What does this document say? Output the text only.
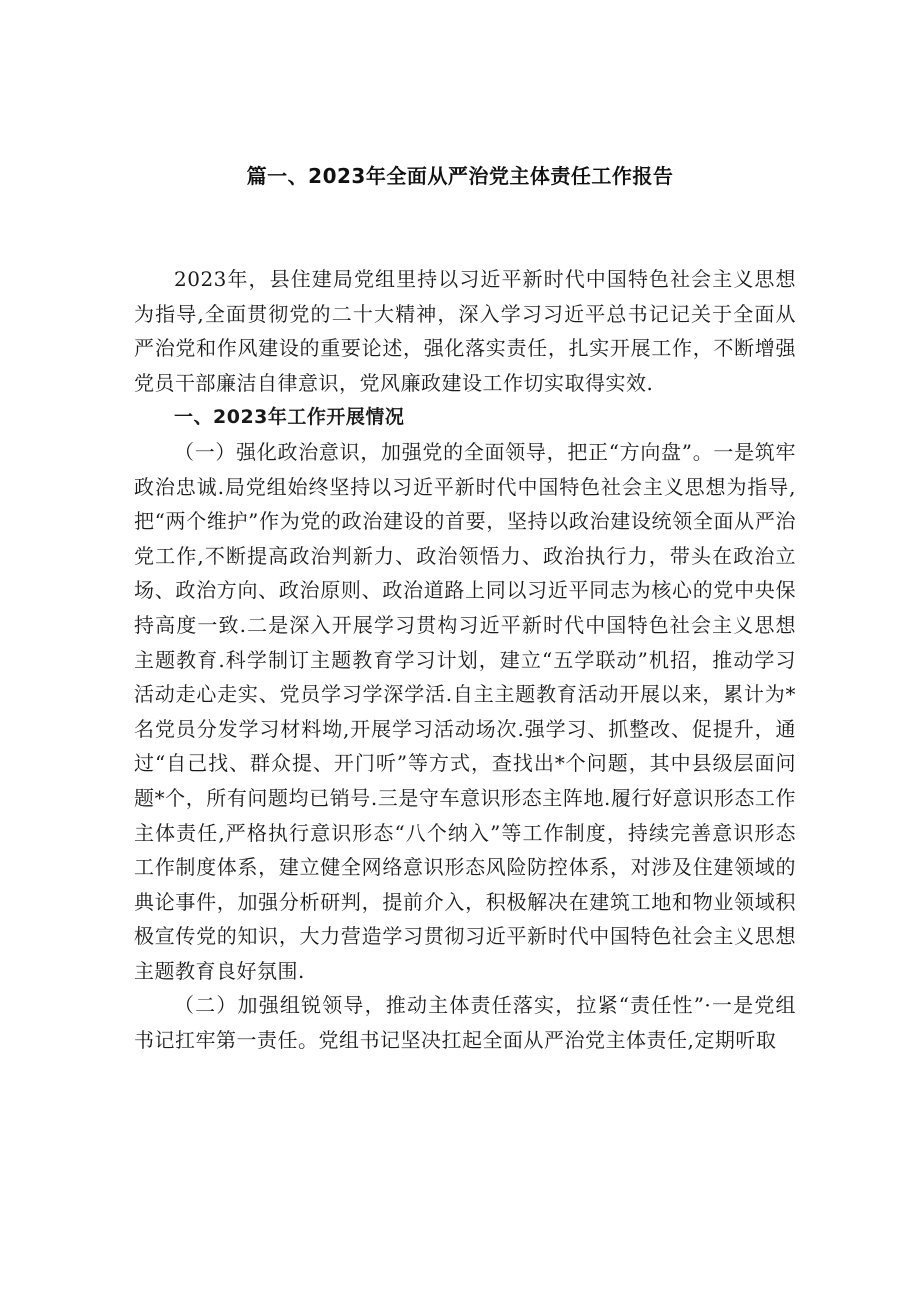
篇一、2023年全面从严治党主体责任工作报告

2023年，县住建局党组里持以习近平新时代中国特色社会主义思想为指导,全面贯彻党的二十大精神，深入学习习近平总书记记关于全面从严治党和作风建设的重要论述，强化落实责任，扎实开展工作，不断增强党员干部廉洁自律意识，党风廉政建设工作切实取得实效.

一、2023年工作开展情况

（一）强化政治意识，加强党的全面领导，把正“方向盘”。一是筑牢政治忠诚.局党组始终坚持以习近平新时代中国特色社会主义思想为指导,把“两个维护”作为党的政治建设的首要，坚持以政治建设统领全面从严治党工作,不断提高政治判新力、政治领悟力、政治执行力，带头在政治立场、政治方向、政治原则、政治道路上同以习近平同志为核心的党中央保持高度一致.二是深入开展学习贯构习近平新时代中国特色社会主义思想主题教育.科学制订主题教育学习计划，建立“五学联动”机招，推动学习活动走心走实、党员学习学深学活.自主主题教育活动开展以来，累计为*名党员分发学习材料坳,开展学习活动场次.强学习、抓整改、促提升，通过“自己找、群众提、开门听”等方式，查找出*个问题，其中县级层面问题*个，所有问题均已销号.三是守车意识形态主阵地.履行好意识形态工作主体责任,严格执行意识形态“八个纳入”等工作制度，持续完善意识形态工作制度体系，建立健全网络意识形态风险防控体系，对涉及住建领域的典论事件，加强分析研判，提前介入，积极解决在建筑工地和物业领域积极宣传党的知识，大力营造学习贯彻习近平新时代中国特色社会主义思想主题教育良好氛围.

（二）加强组锐领导，推动主体责任落实，拉紧“责任性”·一是党组书记扛牢第一责任。党组书记坚决扛起全面从严治党主体责任,定期听取
